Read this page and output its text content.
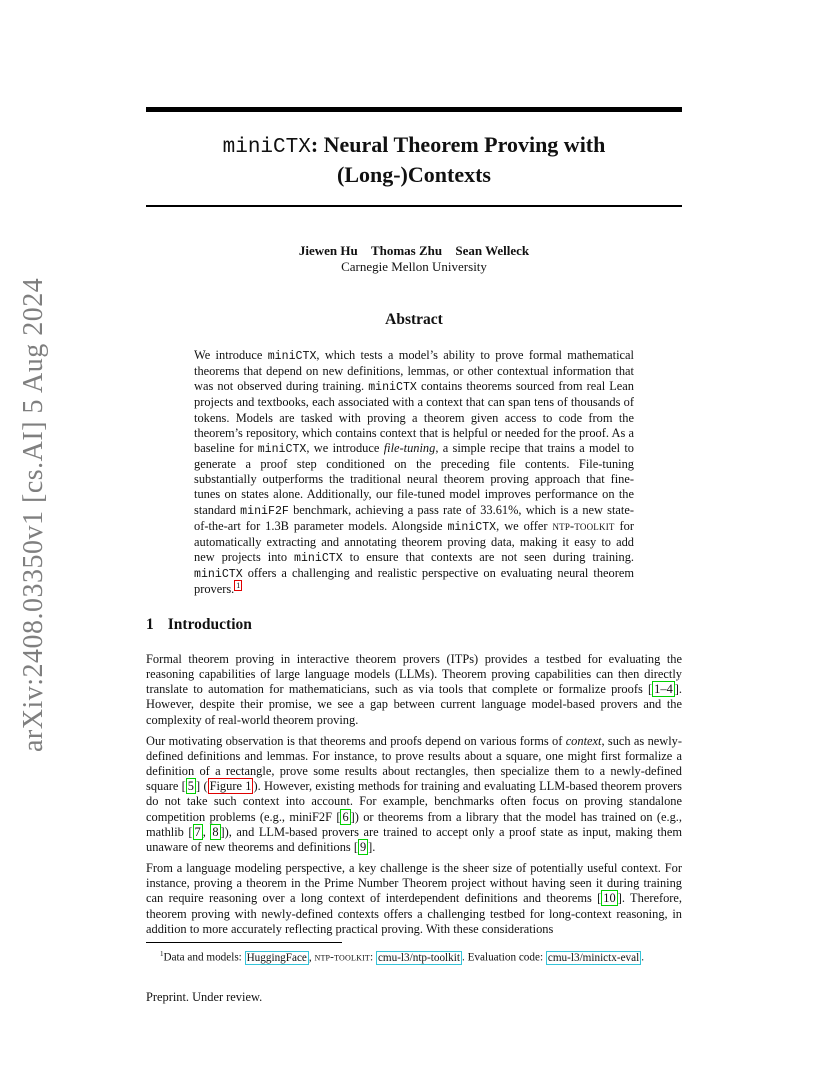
arXiv:2408.03350v1 [cs.AI] 5 Aug 2024
miniCTX: Neural Theorem Proving with
(Long-)Contexts
Jiewen Hu Thomas Zhu Sean Welleck
Carnegie Mellon University
Abstract

We introduce miniCTX, which tests a model’s ability to prove formal mathematical theorems that depend on new definitions, lemmas, or other contextual information that was not observed during training. miniCTX contains theorems sourced from real Lean projects and textbooks, each associated with a context that can span tens of thousands of tokens. Models are tasked with proving a theorem given access to code from the theorem’s repository, which contains context that is helpful or needed for the proof. As a baseline for miniCTX, we introduce file-tuning, a simple recipe that trains a model to generate a proof step conditioned on the preceding file contents. File-tuning substantially outperforms the traditional neural theorem proving approach that fine-tunes on states alone. Additionally, our file-tuned model improves performance on the standard miniF2F benchmark, achieving a pass rate of 33.61%, which is a new state-of-the-art for 1.3B parameter models. Alongside miniCTX, we offer ntp-toolkit for automatically extracting and annotating theorem proving data, making it easy to add new projects into miniCTX to ensure that contexts are not seen during training. miniCTX offers a challenging and realistic perspective on evaluating neural theorem provers. $^1$

1 Introduction

Formal theorem proving in interactive theorem provers (ITPs) provides a testbed for evaluating the reasoning capabilities of large language models (LLMs). Theorem proving capabilities can then directly translate to automation for mathematicians, such as via tools that complete or formalize proofs [ 1–4 ]. However, despite their promise, we see a gap between current language model-based provers and the complexity of real-world theorem proving.

Our motivating observation is that theorems and proofs depend on various forms of context, such as newly-defined definitions and lemmas. For instance, to prove results about a square, one might first formalize a definition of a rectangle, prove some results about rectangles, then specialize them to a newly-defined square [ 5 ] ( Figure 1 ). However, existing methods for training and evaluating LLM-based theorem provers do not take such context into account. For example, benchmarks often focus on proving standalone competition problems (e.g., miniF2F [ 6 ]) or theorems from a library that the model has trained on (e.g., mathlib [ 7 , 8 ]), and LLM-based provers are trained to accept only a proof state as input, making them unaware of new theorems and definitions [ 9 ].

From a language modeling perspective, a key challenge is the sheer size of potentially useful context. For instance, proving a theorem in the Prime Number Theorem project without having seen it during training can require reasoning over a long context of interdependent definitions and theorems [ 10 ]. Therefore, theorem proving with newly-defined contexts offers a challenging testbed for long-context reasoning, in addition to more accurately reflecting practical proving. With these considerations

$^1$Data and models: HuggingFace , ntp-toolkit: cmu-l3/ntp-toolkit . Evaluation code: cmu-l3/minictx-eval .
Preprint. Under review.
